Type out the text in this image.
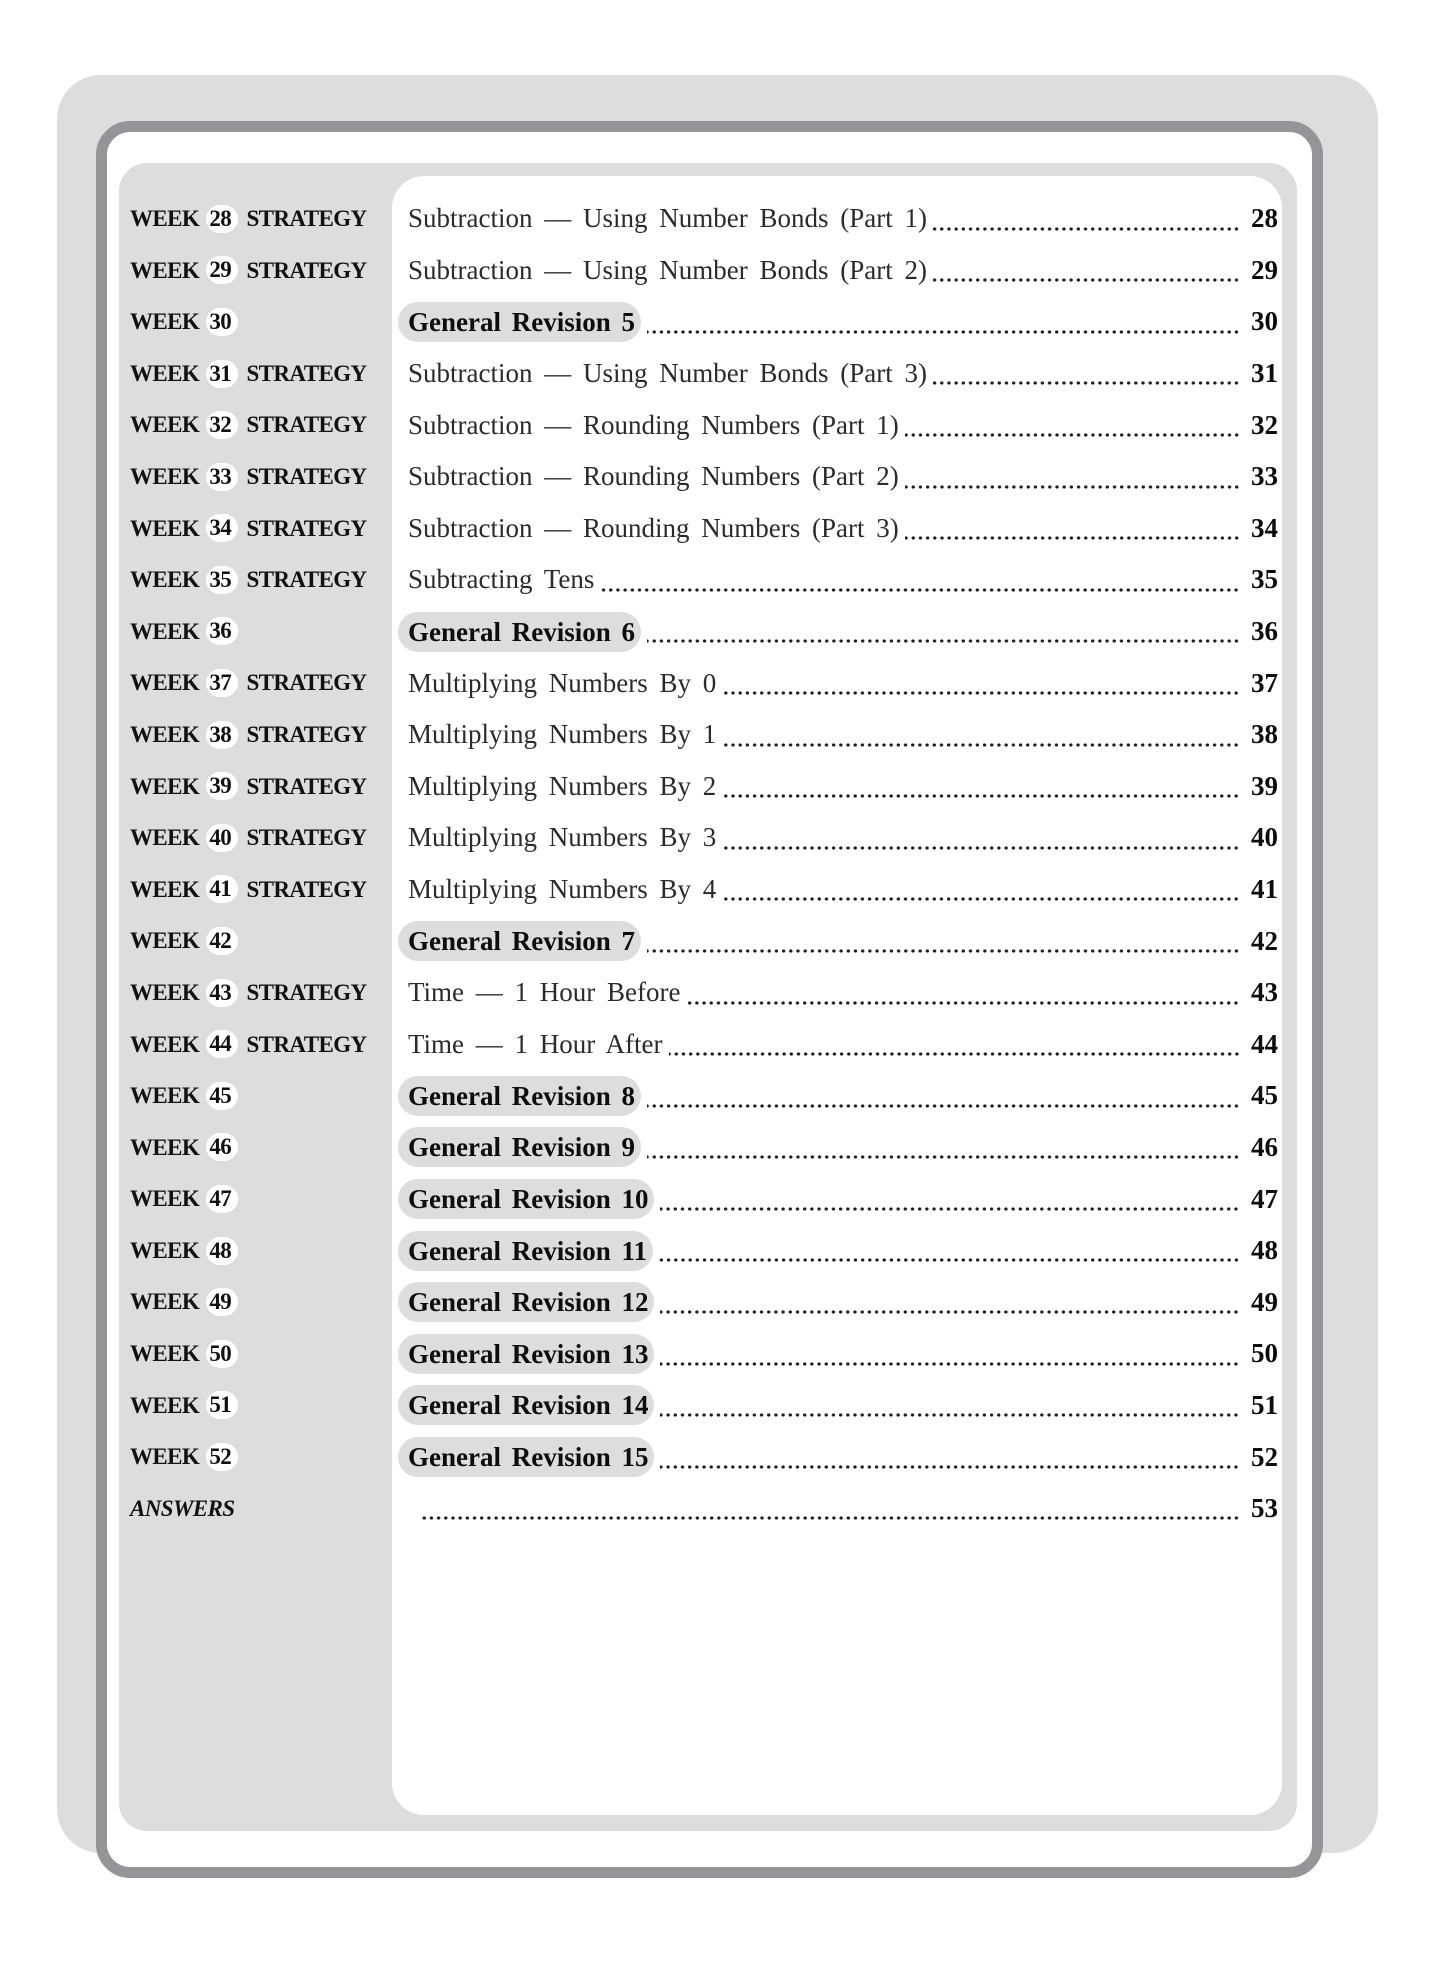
WEEK 28 STRATEGY	Subtraction — Using Number Bonds (Part 1)	28
WEEK 29 STRATEGY	Subtraction — Using Number Bonds (Part 2)	29
WEEK 30	General Revision 5	30
WEEK 31 STRATEGY	Subtraction — Using Number Bonds (Part 3)	31
WEEK 32 STRATEGY	Subtraction — Rounding Numbers (Part 1)	32
WEEK 33 STRATEGY	Subtraction — Rounding Numbers (Part 2)	33
WEEK 34 STRATEGY	Subtraction — Rounding Numbers (Part 3)	34
WEEK 35 STRATEGY	Subtracting Tens	35
WEEK 36	General Revision 6	36
WEEK 37 STRATEGY	Multiplying Numbers By 0	37
WEEK 38 STRATEGY	Multiplying Numbers By 1	38
WEEK 39 STRATEGY	Multiplying Numbers By 2	39
WEEK 40 STRATEGY	Multiplying Numbers By 3	40
WEEK 41 STRATEGY	Multiplying Numbers By 4	41
WEEK 42	General Revision 7	42
WEEK 43 STRATEGY	Time — 1 Hour Before	43
WEEK 44 STRATEGY	Time — 1 Hour After	44
WEEK 45	General Revision 8	45
WEEK 46	General Revision 9	46
WEEK 47	General Revision 10	47
WEEK 48	General Revision 11	48
WEEK 49	General Revision 12	49
WEEK 50	General Revision 13	50
WEEK 51	General Revision 14	51
WEEK 52	General Revision 15	52
ANSWERS	53
